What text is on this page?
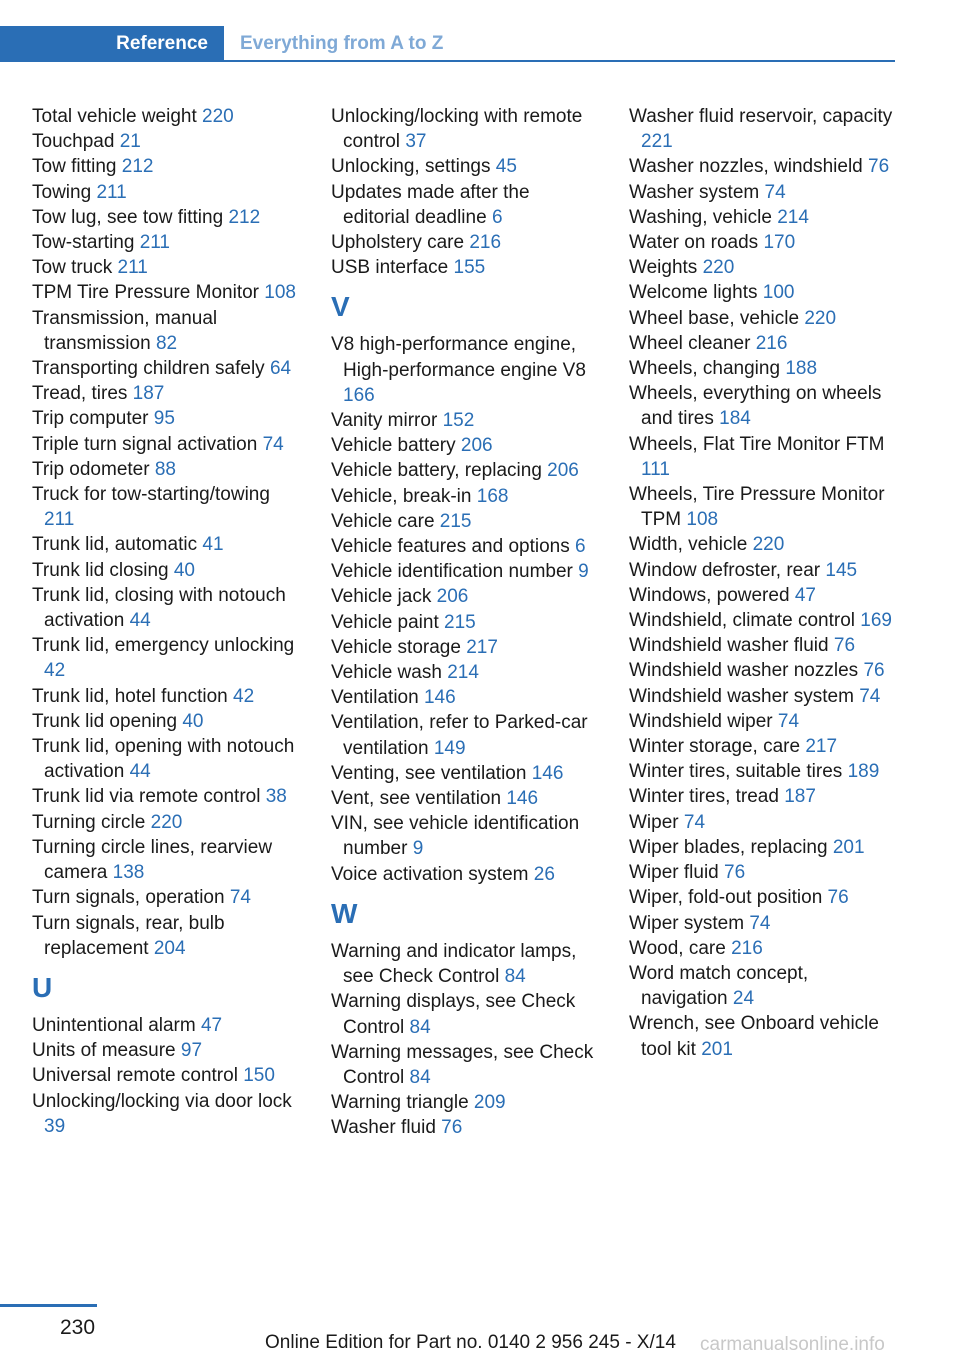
Reference	Everything from A to Z
Total vehicle weight 220
Touchpad 21
Tow fitting 212
Towing 211
Tow lug, see tow fitting 212
Tow-starting 211
Tow truck 211
TPM Tire Pressure Monitor 108
Transmission, manual transmission 82
Transporting children safely 64
Tread, tires 187
Trip computer 95
Triple turn signal activation 74
Trip odometer 88
Truck for tow-starting/towing 211
Trunk lid, automatic 41
Trunk lid closing 40
Trunk lid, closing with notouch activation 44
Trunk lid, emergency unlocking 42
Trunk lid, hotel function 42
Trunk lid opening 40
Trunk lid, opening with notouch activation 44
Trunk lid via remote control 38
Turning circle 220
Turning circle lines, rearview camera 138
Turn signals, operation 74
Turn signals, rear, bulb replacement 204
U
Unintentional alarm 47
Units of measure 97
Universal remote control 150
Unlocking/locking via door lock 39
Unlocking/locking with remote control 37
Unlocking, settings 45
Updates made after the editorial deadline 6
Upholstery care 216
USB interface 155
V
V8 high-performance engine, High-performance engine V8 166
Vanity mirror 152
Vehicle battery 206
Vehicle battery, replacing 206
Vehicle, break-in 168
Vehicle care 215
Vehicle features and options 6
Vehicle identification number 9
Vehicle jack 206
Vehicle paint 215
Vehicle storage 217
Vehicle wash 214
Ventilation 146
Ventilation, refer to Parked-car ventilation 149
Venting, see ventilation 146
Vent, see ventilation 146
VIN, see vehicle identification number 9
Voice activation system 26
W
Warning and indicator lamps, see Check Control 84
Warning displays, see Check Control 84
Warning messages, see Check Control 84
Warning triangle 209
Washer fluid 76
Washer fluid reservoir, capacity 221
Washer nozzles, windshield 76
Washer system 74
Washing, vehicle 214
Water on roads 170
Weights 220
Welcome lights 100
Wheel base, vehicle 220
Wheel cleaner 216
Wheels, changing 188
Wheels, everything on wheels and tires 184
Wheels, Flat Tire Monitor FTM 111
Wheels, Tire Pressure Monitor TPM 108
Width, vehicle 220
Window defroster, rear 145
Windows, powered 47
Windshield, climate control 169
Windshield washer fluid 76
Windshield washer nozzles 76
Windshield washer system 74
Windshield wiper 74
Winter storage, care 217
Winter tires, suitable tires 189
Winter tires, tread 187
Wiper 74
Wiper blades, replacing 201
Wiper fluid 76
Wiper, fold-out position 76
Wiper system 74
Wood, care 216
Word match concept, navigation 24
Wrench, see Onboard vehicle tool kit 201
230
Online Edition for Part no. 0140 2 956 245 - X/14 carmanualsonline.info
